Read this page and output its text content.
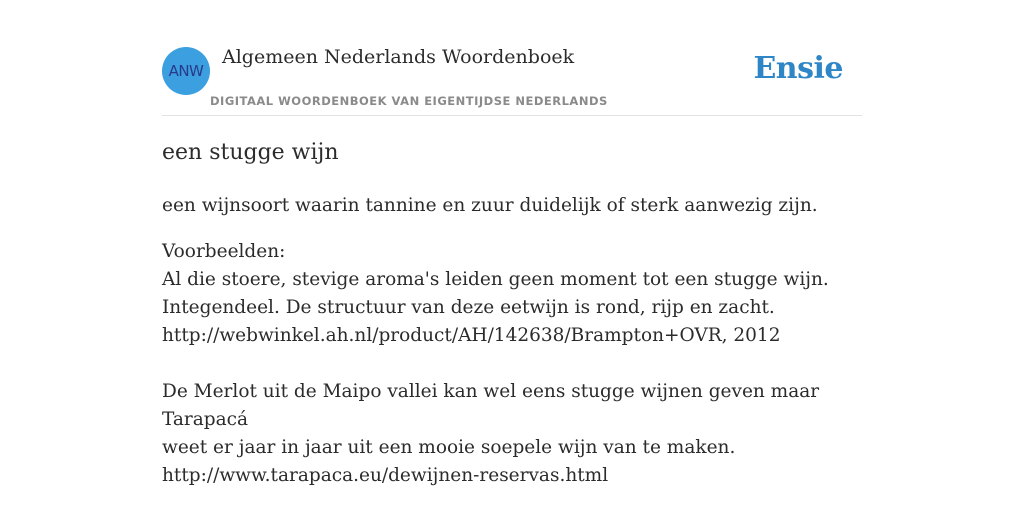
ANW
Algemeen Nederlands Woordenboek
DIGITAAL WOORDENBOEK VAN EIGENTIJDSE NEDERLANDS
Ensie
een stugge wijn

een wijnsoort waarin tannine en zuur duidelijk of sterk aanwezig zijn.

Voorbeelden:

Al die stoere, stevige aroma's leiden geen moment tot een stugge wijn.

Integendeel. De structuur van deze eetwijn is rond, rijp en zacht.

http://webwinkel.ah.nl/product/AH/142638/Brampton+OVR, 2012

De Merlot uit de Maipo vallei kan wel eens stugge wijnen geven maar Tarapacá

weet er jaar in jaar uit een mooie soepele wijn van te maken.

http://www.tarapaca.eu/dewijnen-reservas.html
